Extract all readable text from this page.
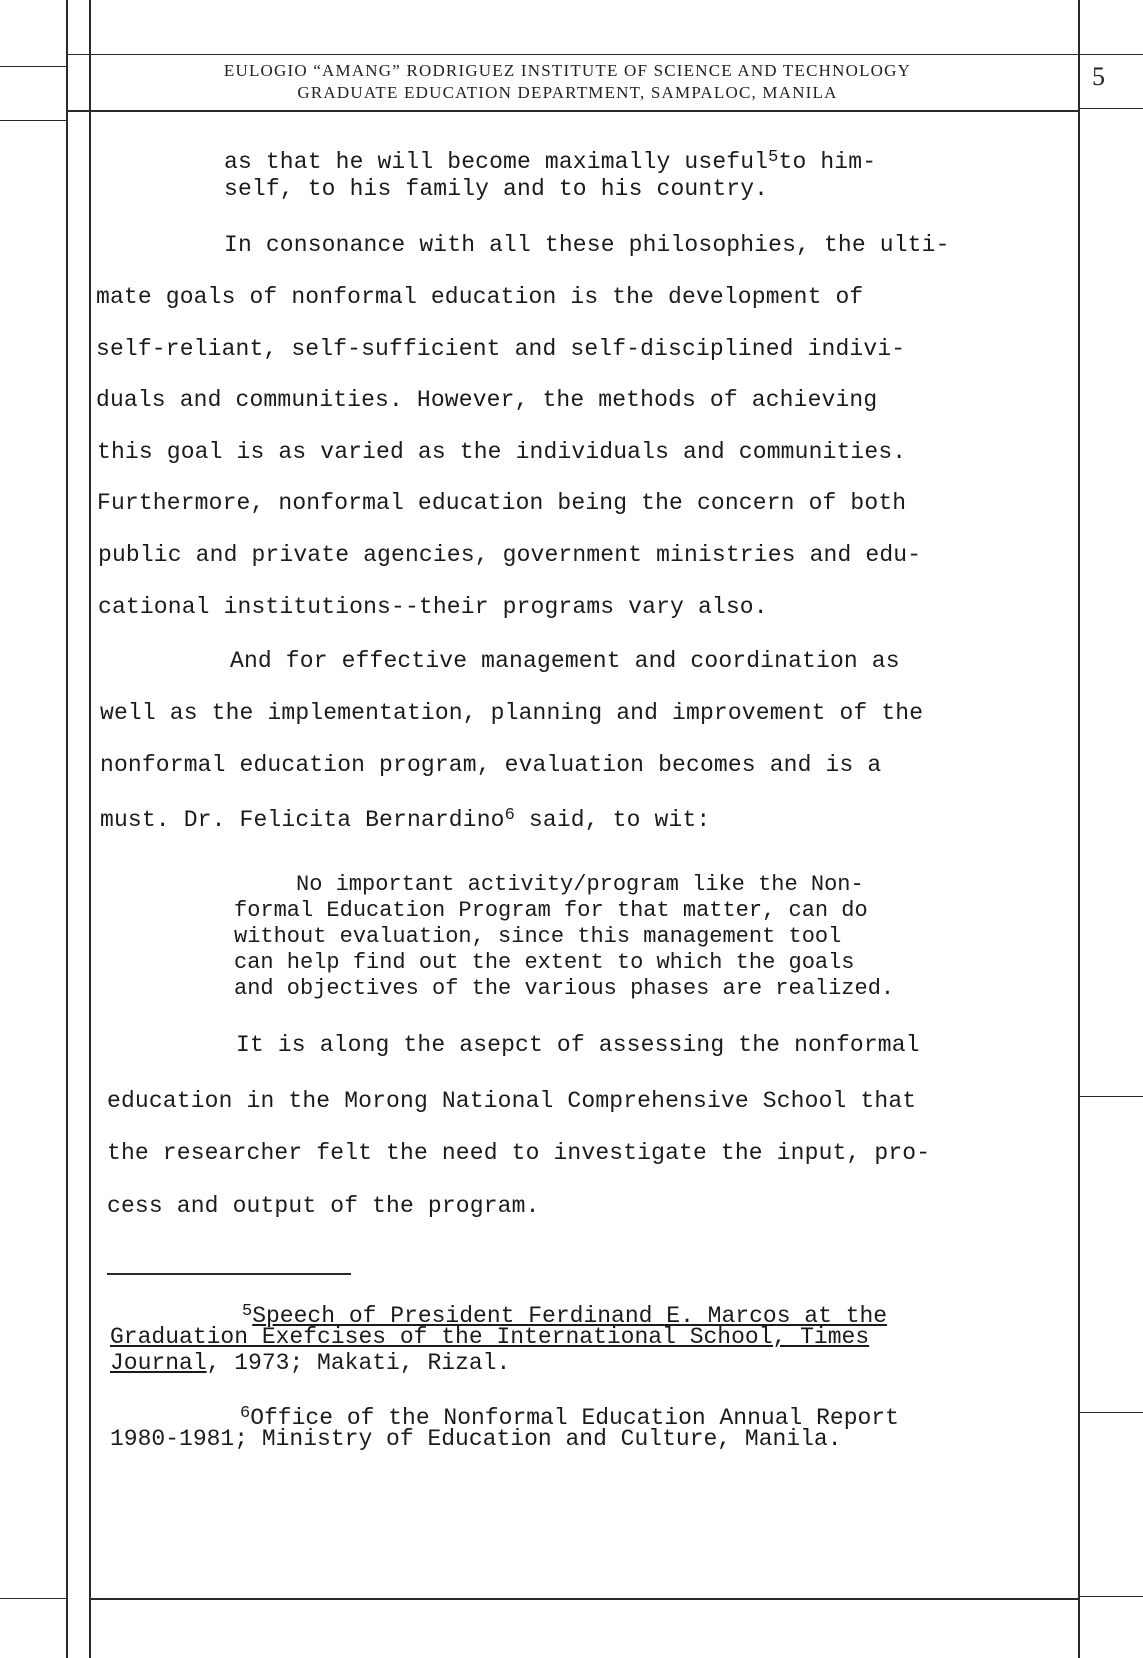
EULOGIO “AMANG” RODRIGUEZ INSTITUTE OF SCIENCE AND TECHNOLOGY
GRADUATE EDUCATION DEPARTMENT, SAMPALOC, MANILA
5
as that he will become maximally useful$^5$to him-
self, to his family and to his country.
In consonance with all these philosophies, the ulti-
mate goals of nonformal education is the development of
self-reliant, self-sufficient and self-disciplined indivi-
duals and communities. However, the methods of achieving
this goal is as varied as the individuals and communities.
Furthermore, nonformal education being the concern of both
public and private agencies, government ministries and edu-
cational institutions--their programs vary also.
And for effective management and coordination as
well as the implementation, planning and improvement of the
nonformal education program, evaluation becomes and is a
must. Dr. Felicita Bernardino$^6$ said, to wit:
No important activity/program like the Non-
formal Education Program for that matter, can do
without evaluation, since this management tool
can help find out the extent to which the goals
and objectives of the various phases are realized.
It is along the asepct of assessing the nonformal
education in the Morong National Comprehensive School that
the researcher felt the need to investigate the input, pro-
cess and output of the program.
$^5$Speech of President Ferdinand E. Marcos at the
Graduation Exefcises of the International School, Times
Journal, 1973; Makati, Rizal.
$^6$Office of the Nonformal Education Annual Report
1980-1981; Ministry of Education and Culture, Manila.
